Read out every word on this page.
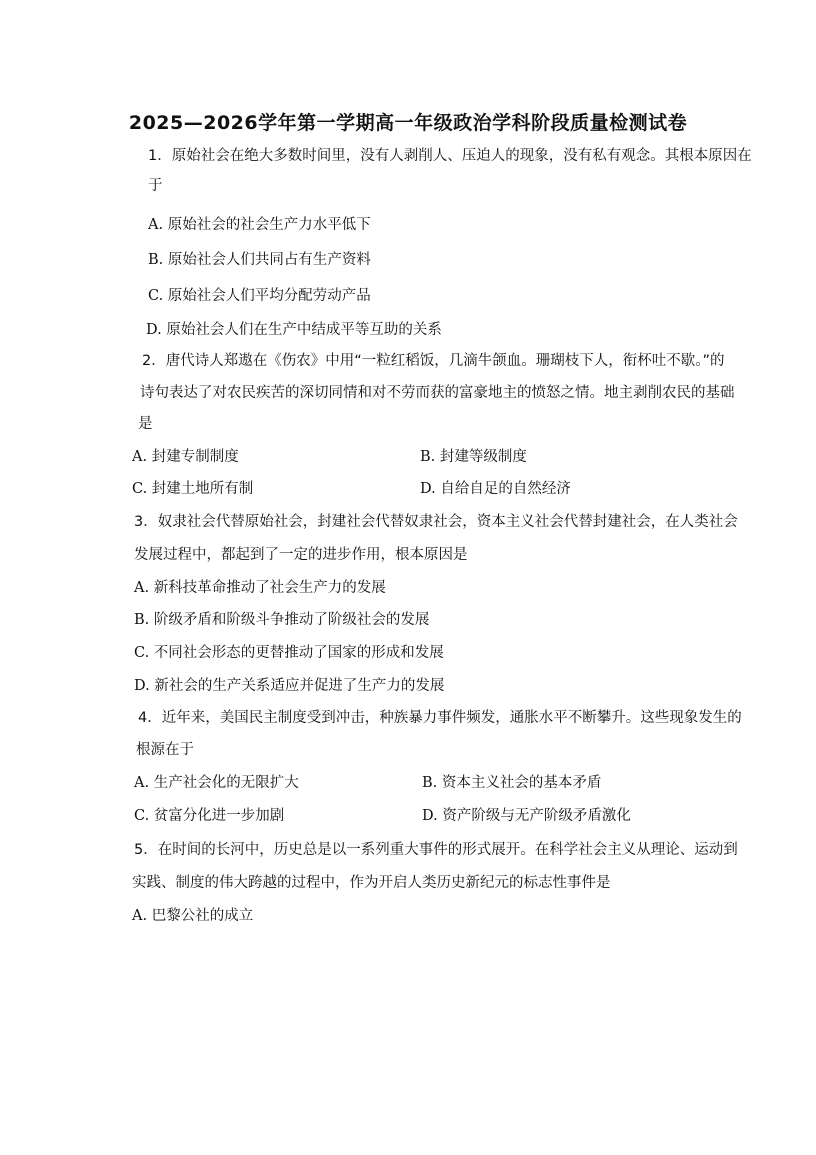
2025—2026学年第一学期高一年级政治学科阶段质量检测试卷
1．原始社会在绝大多数时间里，没有人剥削人、压迫人的现象，没有私有观念。其根本原因在
于
A. 原始社会的社会生产力水平低下
B. 原始社会人们共同占有生产资料
C. 原始社会人们平均分配劳动产品
D. 原始社会人们在生产中结成平等互助的关系
2．唐代诗人郑遨在《伤农》中用“一粒红稻饭，几滴牛颌血。珊瑚枝下人，衔杯吐不歇。”的
诗句表达了对农民疾苦的深切同情和对不劳而获的富豪地主的愤怒之情。地主剥削农民的基础
是
A. 封建专制制度	B. 封建等级制度
C. 封建土地所有制	D. 自给自足的自然经济
3．奴隶社会代替原始社会，封建社会代替奴隶社会，资本主义社会代替封建社会，在人类社会
发展过程中，都起到了一定的进步作用，根本原因是
A. 新科技革命推动了社会生产力的发展
B. 阶级矛盾和阶级斗争推动了阶级社会的发展
C. 不同社会形态的更替推动了国家的形成和发展
D. 新社会的生产关系适应并促进了生产力的发展
4．近年来，美国民主制度受到冲击，种族暴力事件频发，通胀水平不断攀升。这些现象发生的
根源在于
A. 生产社会化的无限扩大	B. 资本主义社会的基本矛盾
C. 贫富分化进一步加剧	D. 资产阶级与无产阶级矛盾激化
5．在时间的长河中，历史总是以一系列重大事件的形式展开。在科学社会主义从理论、运动到
实践、制度的伟大跨越的过程中，作为开启人类历史新纪元的标志性事件是
A. 巴黎公社的成立
